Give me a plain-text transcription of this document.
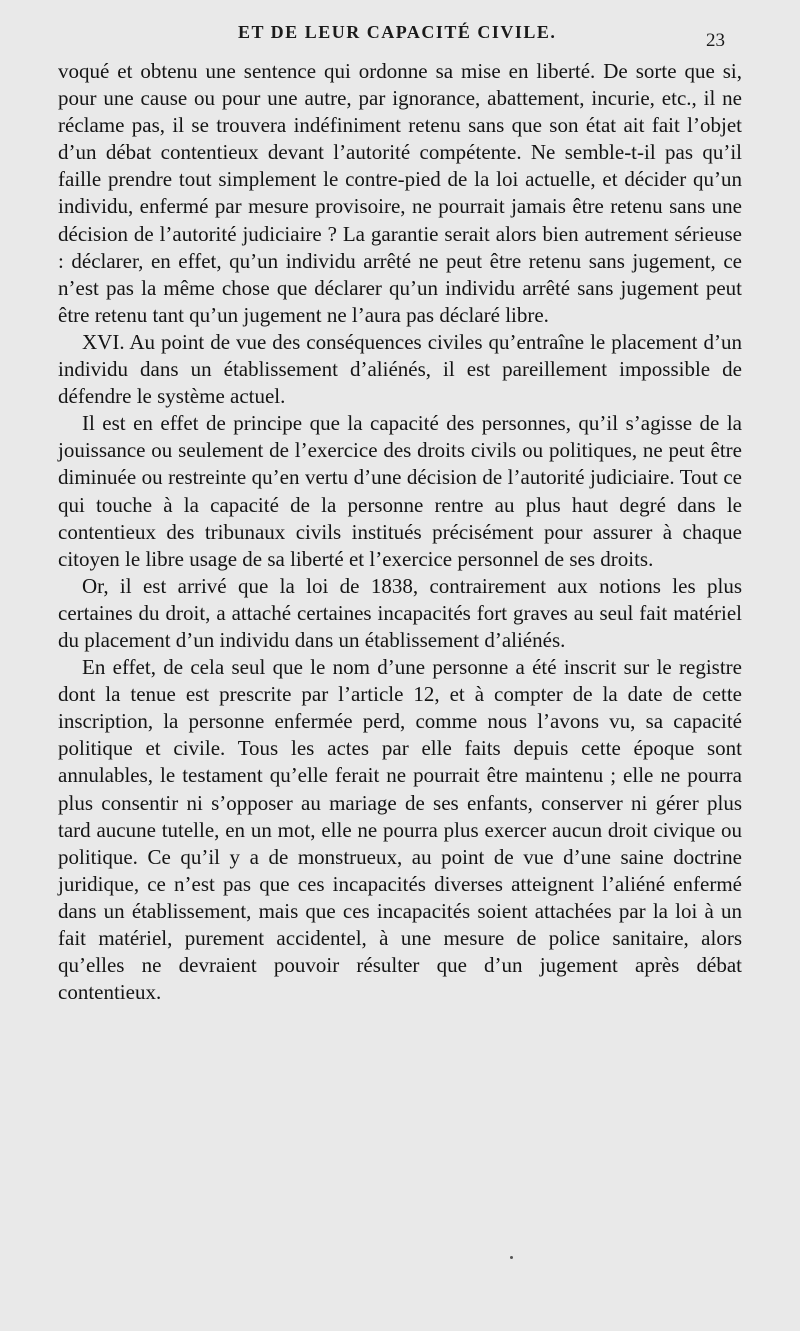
ET DE LEUR CAPACITÉ CIVILE.	23

voqué et obtenu une sentence qui ordonne sa mise en liberté. De sorte que si, pour une cause ou pour une autre, par ignorance, abattement, incurie, etc., il ne réclame pas, il se trouvera indéfiniment retenu sans que son état ait fait l’objet d’un débat contentieux devant l’autorité compétente. Ne semble-t-il pas qu’il faille prendre tout simplement le contre-pied de la loi actuelle, et décider qu’un individu, enfermé par mesure provisoire, ne pourrait jamais être retenu sans une décision de l’autorité judiciaire ? La garantie serait alors bien autrement sérieuse : déclarer, en effet, qu’un individu arrêté ne peut être retenu sans jugement, ce n’est pas la même chose que déclarer qu’un individu arrêté sans jugement peut être retenu tant qu’un jugement ne l’aura pas déclaré libre.

XVI. Au point de vue des conséquences civiles qu’entraîne le placement d’un individu dans un établissement d’aliénés, il est pareillement impossible de défendre le système actuel.

Il est en effet de principe que la capacité des personnes, qu’il s’agisse de la jouissance ou seulement de l’exercice des droits civils ou politiques, ne peut être diminuée ou restreinte qu’en vertu d’une décision de l’autorité judiciaire. Tout ce qui touche à la capacité de la personne rentre au plus haut degré dans le contentieux des tribunaux civils institués précisément pour assurer à chaque citoyen le libre usage de sa liberté et l’exercice personnel de ses droits.

Or, il est arrivé que la loi de 1838, contrairement aux notions les plus certaines du droit, a attaché certaines incapacités fort graves au seul fait matériel du placement d’un individu dans un établissement d’aliénés.

En effet, de cela seul que le nom d’une personne a été inscrit sur le registre dont la tenue est prescrite par l’article 12, et à compter de la date de cette inscription, la personne enfermée perd, comme nous l’avons vu, sa capacité politique et civile. Tous les actes par elle faits depuis cette époque sont annulables, le testament qu’elle ferait ne pourrait être maintenu ; elle ne pourra plus consentir ni s’opposer au mariage de ses enfants, conserver ni gérer plus tard aucune tutelle, en un mot, elle ne pourra plus exercer aucun droit civique ou politique. Ce qu’il y a de monstrueux, au point de vue d’une saine doctrine juridique, ce n’est pas que ces incapacités diverses atteignent l’aliéné enfermé dans un établissement, mais que ces incapacités soient attachées par la loi à un fait matériel, purement accidentel, à une mesure de police sanitaire, alors qu’elles ne devraient pouvoir résulter que d’un jugement après débat contentieux.
